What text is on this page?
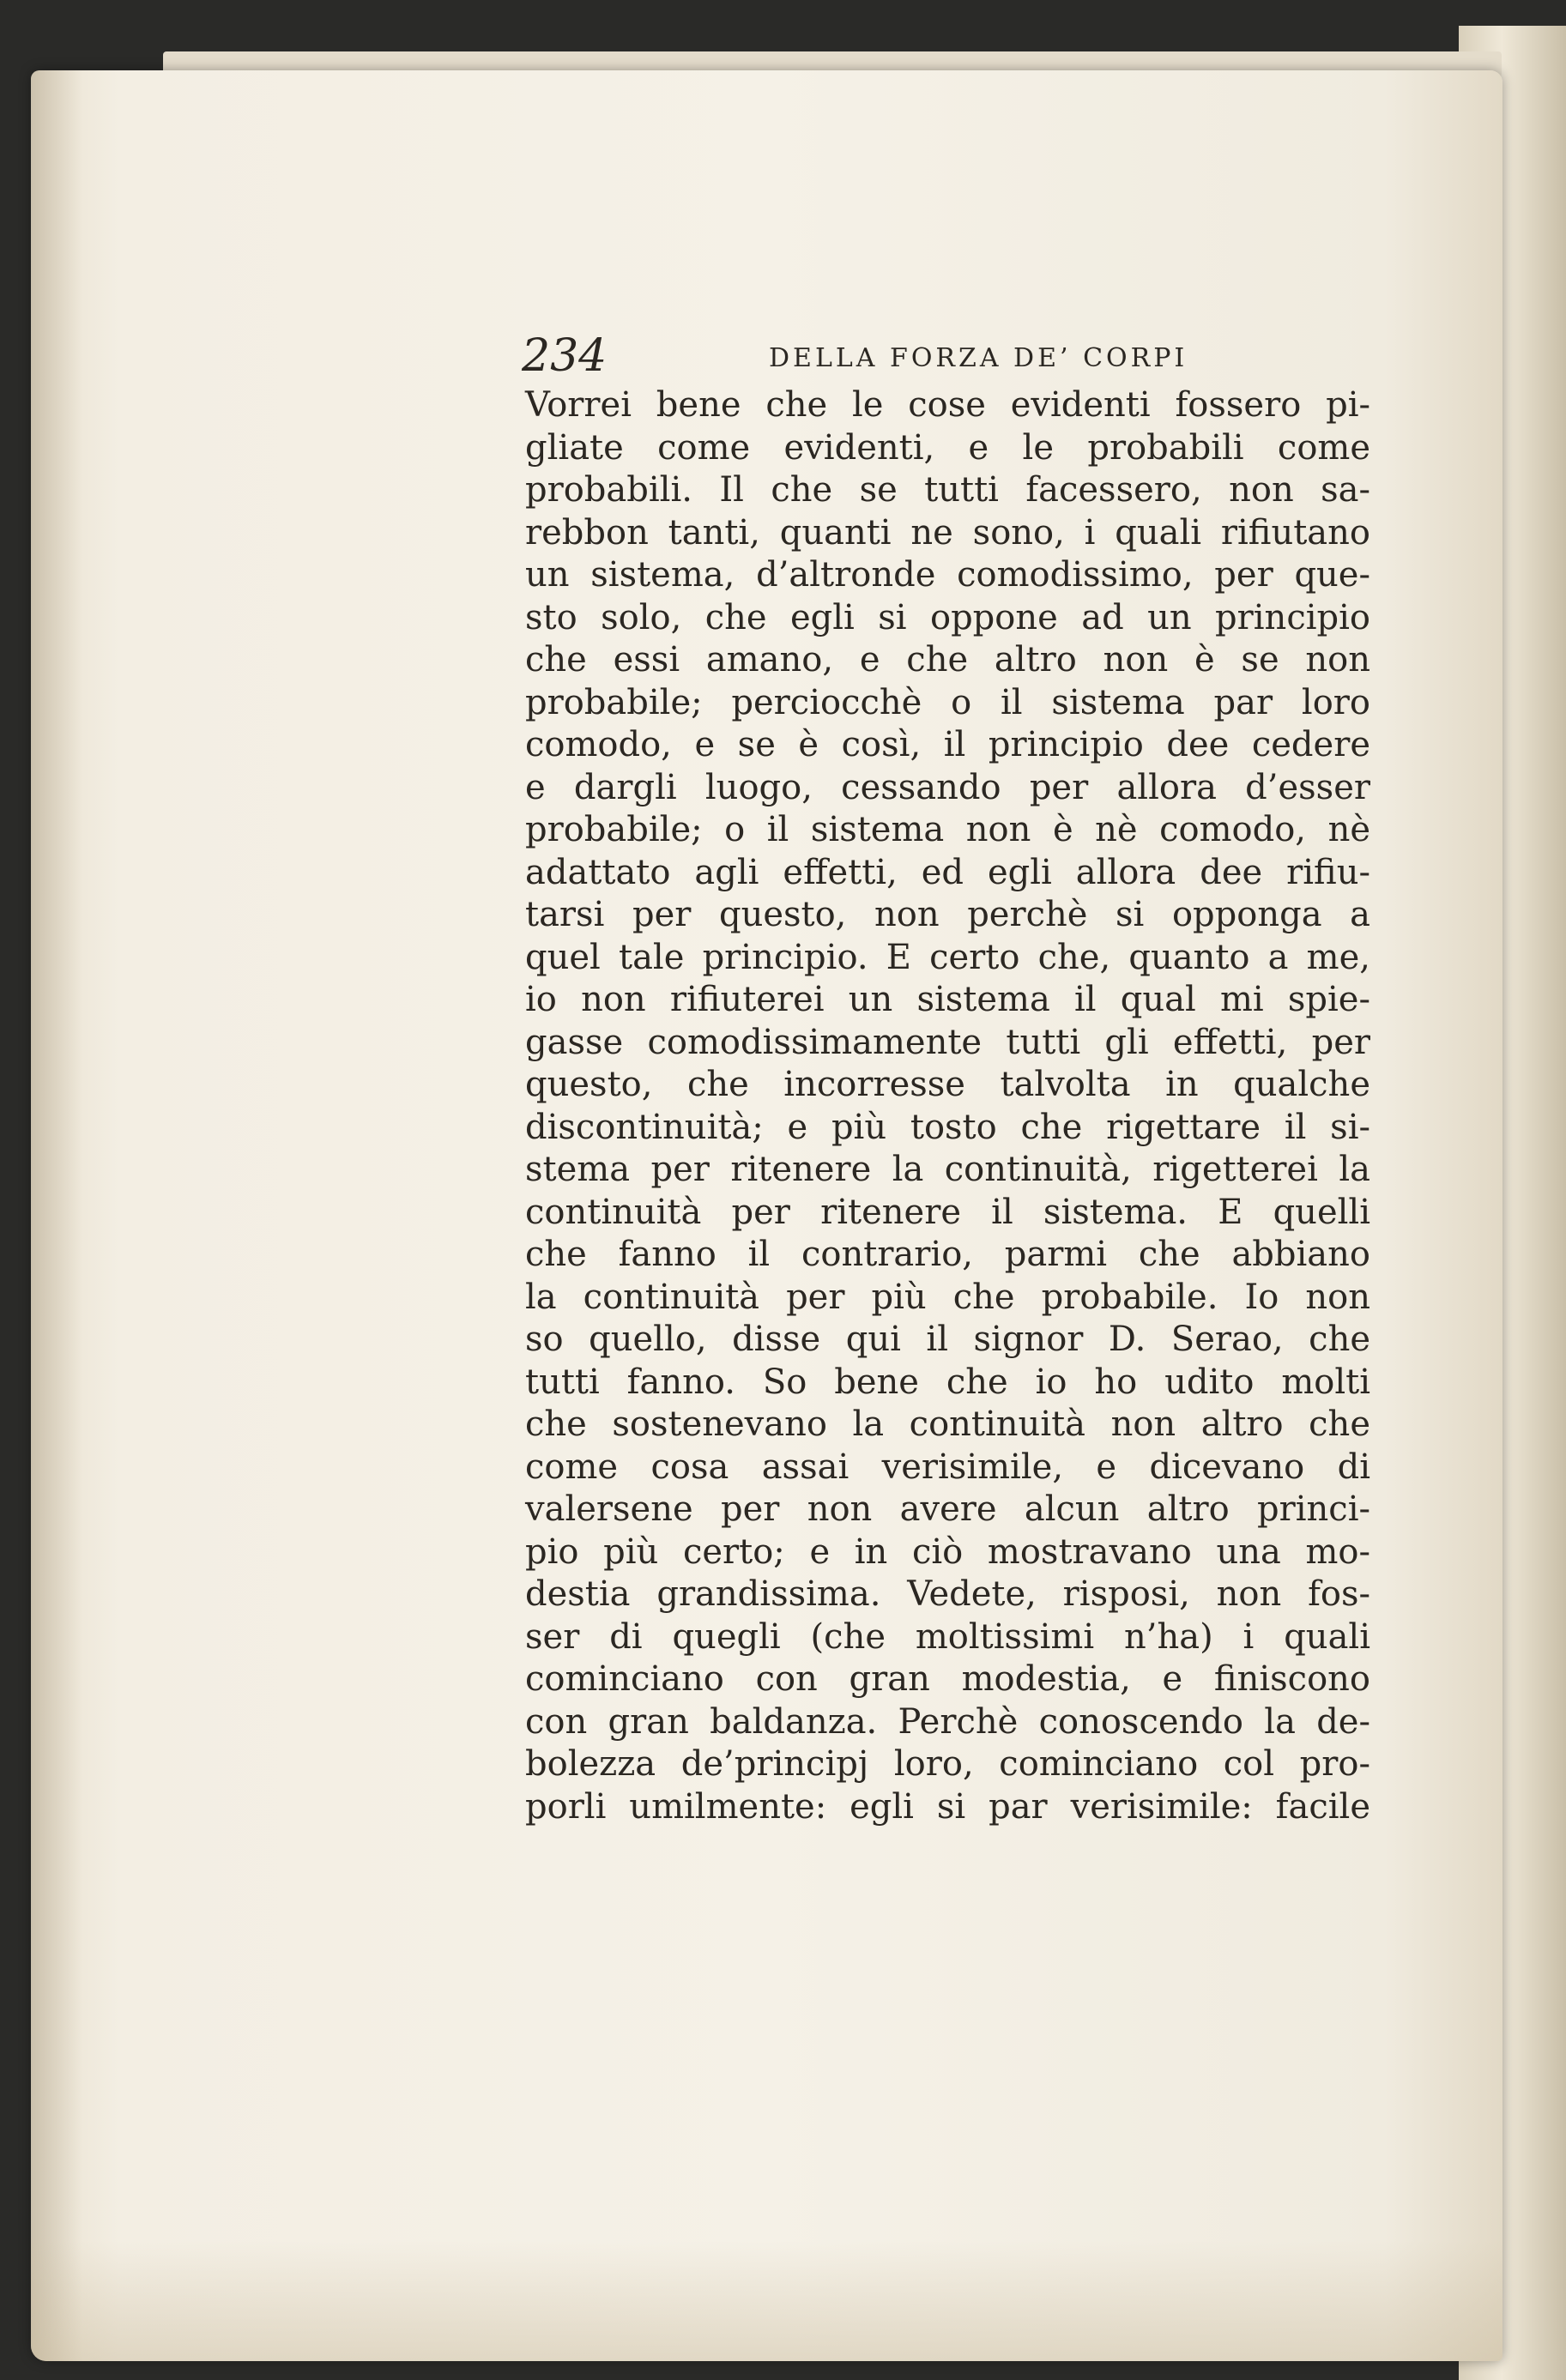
234	DELLA FORZA DE’ CORPI
Vorrei bene che le cose evidenti fossero pi-
gliate come evidenti, e le probabili come
probabili. Il che se tutti facessero, non sa-
rebbon tanti, quanti ne sono, i quali rifiutano
un sistema, d’altronde comodissimo, per que-
sto solo, che egli si oppone ad un principio
che essi amano, e che altro non è se non
probabile; perciocchè o il sistema par loro
comodo, e se è così, il principio dee cedere
e dargli luogo, cessando per allora d’esser
probabile; o il sistema non è nè comodo, nè
adattato agli effetti, ed egli allora dee rifiu-
tarsi per questo, non perchè si opponga a
quel tale principio. E certo che, quanto a me,
io non rifiuterei un sistema il qual mi spie-
gasse comodissimamente tutti gli effetti, per
questo, che incorresse talvolta in qualche
discontinuità; e più tosto che rigettare il si-
stema per ritenere la continuità, rigetterei la
continuità per ritenere il sistema. E quelli
che fanno il contrario, parmi che abbiano
la continuità per più che probabile. Io non
so quello, disse qui il signor D. Serao, che
tutti fanno. So bene che io ho udito molti
che sostenevano la continuità non altro che
come cosa assai verisimile, e dicevano di
valersene per non avere alcun altro princi-
pio più certo; e in ciò mostravano una mo-
destia grandissima. Vedete, risposi, non fos-
ser di quegli (che moltissimi n’ha) i quali
cominciano con gran modestia, e finiscono
con gran baldanza. Perchè conoscendo la de-
bolezza de’principj loro, cominciano col pro-
porli umilmente: egli si par verisimile: facile
